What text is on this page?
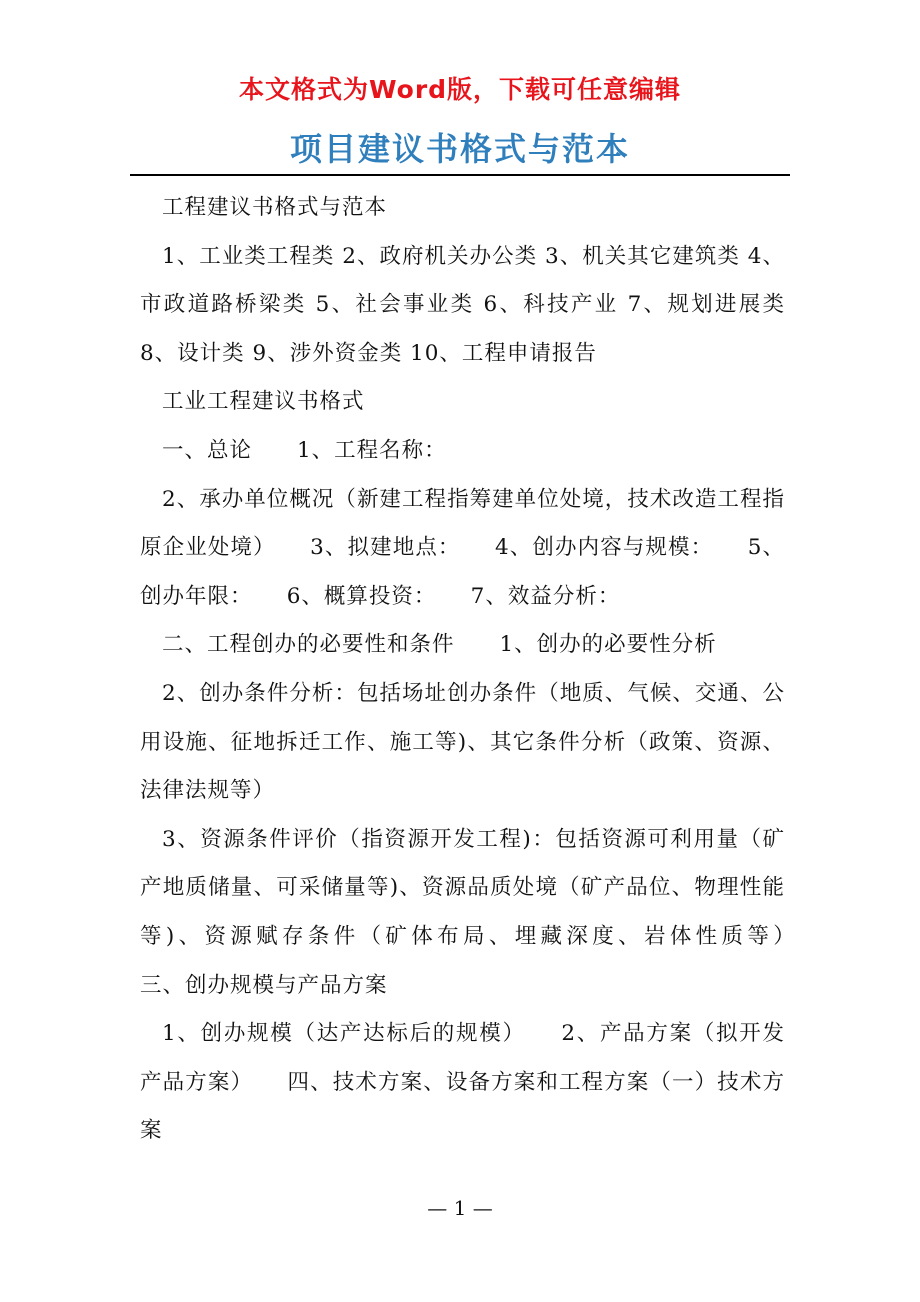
本文格式为Word版，下载可任意编辑
项目建议书格式与范本

工程建议书格式与范本

1、工业类工程类 2、政府机关办公类 3、机关其它建筑类 4、市政道路桥梁类 5、社会事业类 6、科技产业 7、规划进展类 8、设计类 9、涉外资金类 10、工程申请报告

工业工程建议书格式

一、总论　　1、工程名称：

2、承办单位概况（新建工程指筹建单位处境，技术改造工程指原企业处境）　　3、拟建地点：　　4、创办内容与规模：　　5、创办年限：　　6、概算投资：　　7、效益分析：

二、工程创办的必要性和条件　　1、创办的必要性分析

2、创办条件分析：包括场址创办条件（地质、气候、交通、公用设施、征地拆迁工作、施工等)、其它条件分析（政策、资源、法律法规等）

3、资源条件评价（指资源开发工程)：包括资源可利用量（矿产地质储量、可采储量等)、资源品质处境（矿产品位、物理性能等)、资源赋存条件（矿体布局、埋藏深度、岩体性质等）　　三、创办规模与产品方案

1、创办规模（达产达标后的规模）　　2、产品方案（拟开发产品方案）　　四、技术方案、设备方案和工程方案（一）技术方案

— 1 —
